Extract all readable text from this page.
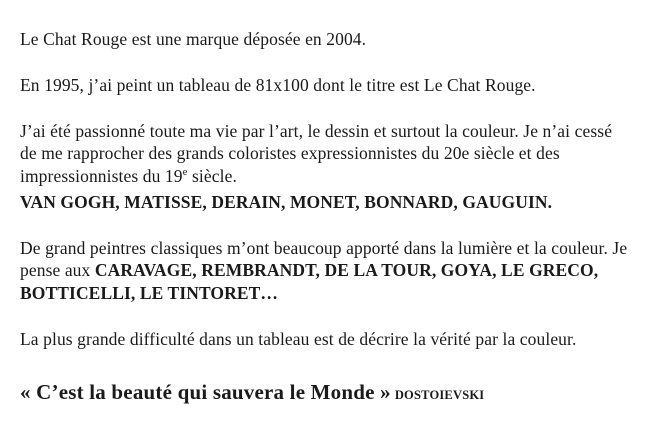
Le Chat Rouge est une marque déposée en 2004.

En 1995, j’ai peint un tableau de 81x100 dont le titre est Le Chat Rouge.

J’ai été passionné toute ma vie par l’art, le dessin et surtout la couleur. Je n’ai cessé de me rapprocher des grands coloristes expressionnistes du 20e siècle et des impressionnistes du 19e siècle.

VAN GOGH, MATISSE, DERAIN, MONET, BONNARD, GAUGUIN.

De grand peintres classiques m’ont beaucoup apporté dans la lumière et la couleur. Je pense aux CARAVAGE, REMBRANDT, DE LA TOUR, GOYA, LE GRECO, BOTTICELLI, LE TINTORET…

La plus grande difficulté dans un tableau est de décrire la vérité par la couleur.

« C’est la beauté qui sauvera le Monde » DOSTOIEVSKI
